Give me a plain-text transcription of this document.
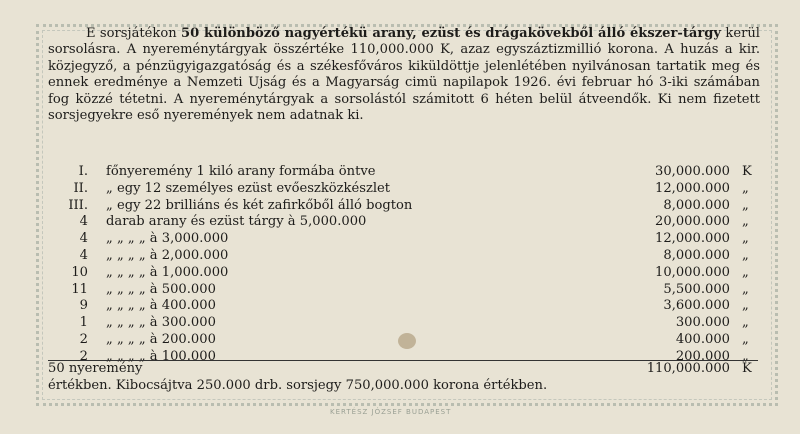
E sorsjátékon 50 különböző nagyértékü arany, ezüst és drágakövekből álló ékszer-tárgy kerül sorsolásra. A nyereménytárgyak összértéke 110,000.000 K, azaz egyszáztizmillió korona. A huzás a kir. közjegyző, a pénzügyigazgatóság és a székesfőváros kiküldöttje jelenlétében nyilvánosan tartatik meg és ennek eredménye a Nemzeti Ujság és a Magyarság cimü napilapok 1926. évi februar hó 3-iki számában fog közzé tétetni. A nyereménytárgyak a sorsolástól számitott 6 héten belül átveendők. Ki nem fizetett sorsjegyekre eső nyeremények nem adatnak ki.

I. főnyeremény 1 kiló arany formába öntve	30,000.000 K
II. „ egy 12 személyes ezüst evőeszközkészlet	12,000.000 „
III. „ egy 22 brilliáns és két zafirkőből álló bogton	8,000.000 „
4 darab arany és ezüst tárgy à 5,000.000	20,000.000 „
4 „ „ „ „ à 3,000.000	12,000.000 „
4 „ „ „ „ à 2,000.000	8,000.000 „
10 „ „ „ „ à 1,000.000	10,000.000 „
11 „ „ „ „ à 500.000	5,500.000 „
9 „ „ „ „ à 400.000	3,600.000 „
1 „ „ „ „ à 300.000	300.000 „
2 „ „ „ „ à 200.000	400.000 „
2 „ „ „ „ à 100.000	200.000 „
50 nyeremény	110,000.000 K
értékben. Kibocsájtva 250.000 drb. sorsjegy 750,000.000 korona értékben.
KERTÉSZ JÓZSEF BUDAPEST
